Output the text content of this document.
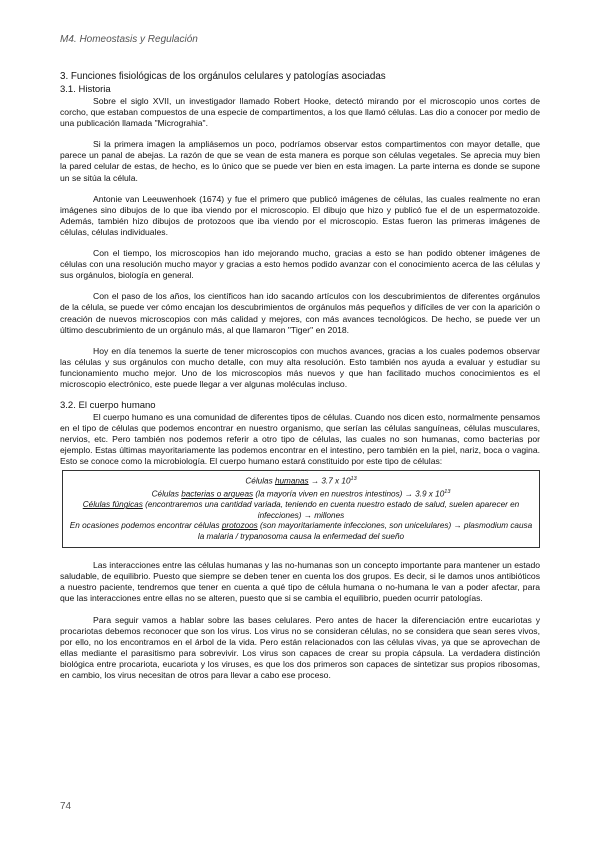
M4. Homeostasis y Regulación
3. Funciones fisiológicas de los orgánulos celulares y patologías asociadas
3.1. Historia

Sobre el siglo XVII, un investigador llamado Robert Hooke, detectó mirando por el microscopio unos cortes de corcho, que estaban compuestos de una especie de compartimentos, a los que llamó células. Las dio a conocer por medio de una publicación llamada "Micrograhia".

Si la primera imagen la ampliásemos un poco, podríamos observar estos compartimentos con mayor detalle, que parece un panal de abejas. La razón de que se vean de esta manera es porque son células vegetales. Se aprecia muy bien la pared celular de estas, de hecho, es lo único que se puede ver bien en esta imagen. La parte interna es donde se supone un se sitúa la célula.

Antonie van Leeuwenhoek (1674) y fue el primero que publicó imágenes de células, las cuales realmente no eran imágenes sino dibujos de lo que iba viendo por el microscopio. El dibujo que hizo y publicó fue el de un espermatozoide. Además, también hizo dibujos de protozoos que iba viendo por el microscopio. Estas fueron las primeras imágenes de células, células individuales.

Con el tiempo, los microscopios han ido mejorando mucho, gracias a esto se han podido obtener imágenes de células con una resolución mucho mayor y gracias a esto hemos podido avanzar con el conocimiento acerca de las células y sus orgánulos, biología en general.

Con el paso de los años, los científicos han ido sacando artículos con los descubrimientos de diferentes orgánulos de la célula, se puede ver cómo encajan los descubrimientos de orgánulos más pequeños y difíciles de ver con la aparición o creación de nuevos microscopios con más calidad y mejores, con más avances tecnológicos. De hecho, se puede ver un último descubrimiento de un orgánulo más, al que llamaron "Tiger" en 2018.

Hoy en día tenemos la suerte de tener microscopios con muchos avances, gracias a los cuales podemos observar las células y sus orgánulos con mucho detalle, con muy alta resolución. Esto también nos ayuda a evaluar y estudiar su funcionamiento mucho mejor. Uno de los microscopios más nuevos y que han facilitado muchos conocimientos es el microscopio electrónico, este puede llegar a ver algunas moléculas incluso.

3.2. El cuerpo humano

El cuerpo humano es una comunidad de diferentes tipos de células. Cuando nos dicen esto, normalmente pensamos en el tipo de células que podemos encontrar en nuestro organismo, que serían las células sanguíneas, células musculares, nervios, etc. Pero también nos podemos referir a otro tipo de células, las cuales no son humanas, como bacterias por ejemplo. Estas últimas mayoritariamente las podemos encontrar en el intestino, pero también en la piel, nariz, boca o vagina. Esto se conoce como la microbiología. El cuerpo humano estará constituido por este tipo de células:

Células humanas → 3.7 x $10^{13}$
Células bacterias o arqueas (la mayoría viven en nuestros intestinos) → 3.9 x $10^{13}$
Células fúngicas (encontraremos una cantidad variada, teniendo en cuenta nuestro estado de salud, suelen aparecer en infecciones) → millones
En ocasiones podemos encontrar células protozoos (son mayoritariamente infecciones, son unicelulares) → plasmodium causa la malaria / trypanosoma causa la enfermedad del sueño

Las interacciones entre las células humanas y las no-humanas son un concepto importante para mantener un estado saludable, de equilibrio. Puesto que siempre se deben tener en cuenta los dos grupos. Es decir, si le damos unos antibióticos a nuestro paciente, tendremos que tener en cuenta a qué tipo de célula humana o no-humana le van a poder afectar, para que las interacciones entre ellas no se alteren, puesto que si se cambia el equilibrio, pueden ocurrir patologías.

Para seguir vamos a hablar sobre las bases celulares. Pero antes de hacer la diferenciación entre eucariotas y procariotas debemos reconocer que son los virus. Los virus no se consideran células, no se considera que sean seres vivos, por ello, no los encontramos en el árbol de la vida. Pero están relacionados con las células vivas, ya que se aprovechan de ellas mediante el parasitismo para sobrevivir. Los virus son capaces de crear su propia cápsula. La verdadera distinción biológica entre procariota, eucariota y los viruses, es que los dos primeros son capaces de sintetizar sus propios ribosomas, en cambio, los virus necesitan de otros para llevar a cabo ese proceso.

74
